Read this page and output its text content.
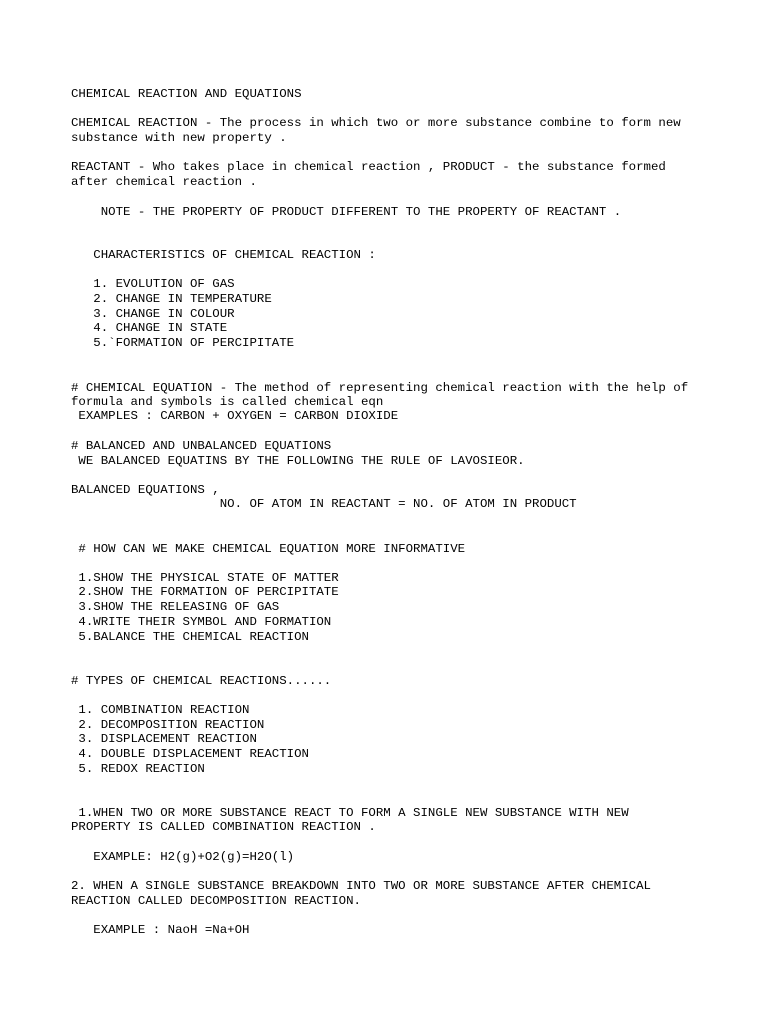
CHEMICAL REACTION AND EQUATIONS

CHEMICAL REACTION - The process in which two or more substance combine to form new

substance with new property .

REACTANT - Who takes place in chemical reaction , PRODUCT - the substance formed

after chemical reaction .

NOTE - THE PROPERTY OF PRODUCT DIFFERENT TO THE PROPERTY OF REACTANT .

CHARACTERISTICS OF CHEMICAL REACTION :

1. EVOLUTION OF GAS

2. CHANGE IN TEMPERATURE

3. CHANGE IN COLOUR

4. CHANGE IN STATE

5.`FORMATION OF PERCIPITATE

# CHEMICAL EQUATION - The method of representing chemical reaction with the help of

formula and symbols is called chemical eqn

EXAMPLES : CARBON + OXYGEN = CARBON DIOXIDE

# BALANCED AND UNBALANCED EQUATIONS

WE BALANCED EQUATINS BY THE FOLLOWING THE RULE OF LAVOSIEOR.

BALANCED EQUATIONS ,

NO. OF ATOM IN REACTANT = NO. OF ATOM IN PRODUCT

# HOW CAN WE MAKE CHEMICAL EQUATION MORE INFORMATIVE

1.SHOW THE PHYSICAL STATE OF MATTER

2.SHOW THE FORMATION OF PERCIPITATE

3.SHOW THE RELEASING OF GAS

4.WRITE THEIR SYMBOL AND FORMATION

5.BALANCE THE CHEMICAL REACTION

# TYPES OF CHEMICAL REACTIONS......

1. COMBINATION REACTION

2. DECOMPOSITION REACTION

3. DISPLACEMENT REACTION

4. DOUBLE DISPLACEMENT REACTION

5. REDOX REACTION

1.WHEN TWO OR MORE SUBSTANCE REACT TO FORM A SINGLE NEW SUBSTANCE WITH NEW

PROPERTY IS CALLED COMBINATION REACTION .

EXAMPLE: H2(g)+O2(g)=H2O(l)

2. WHEN A SINGLE SUBSTANCE BREAKDOWN INTO TWO OR MORE SUBSTANCE AFTER CHEMICAL

REACTION CALLED DECOMPOSITION REACTION.

EXAMPLE : NaoH =Na+OH
